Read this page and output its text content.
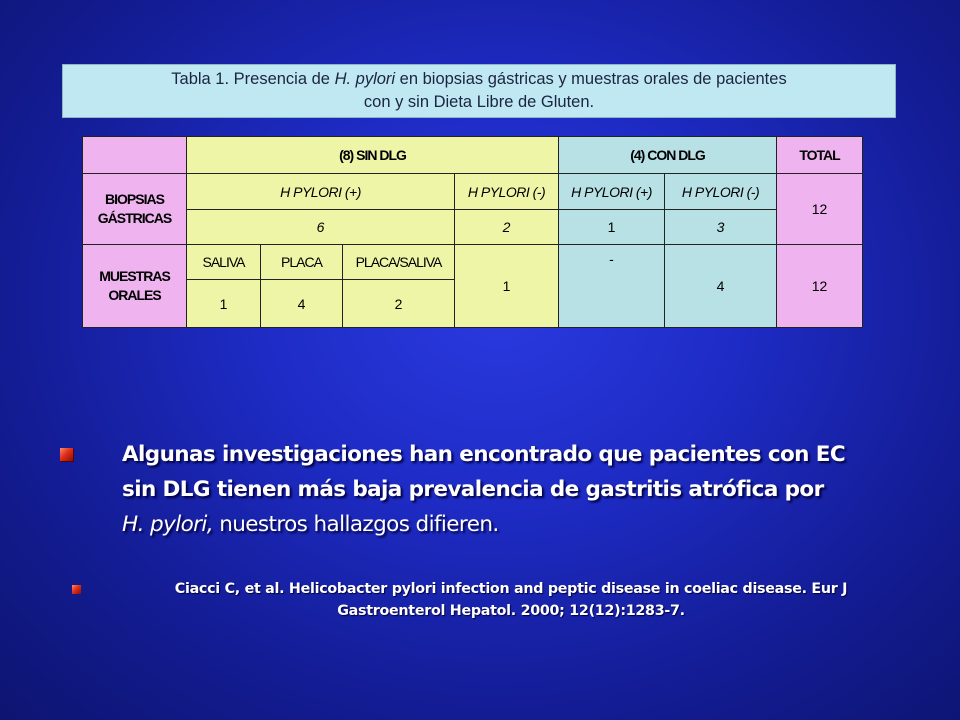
Tabla 1. Presencia de H. pylori en biopsias gástricas y muestras orales de pacientes
con y sin Dieta Libre de Gluten.
	(8) SIN DLG				(4) CON DLG		TOTAL
BIOPSIAS
GÁSTRICAS	H PYLORI (+)			H PYLORI (-)	H PYLORI (+)	H PYLORI (-)	12
	6			2	1	3	
MUESTRAS
ORALES	SALIVA	PLACA	PLACA/SALIVA	1	-	4	12
	1	4	2				
Algunas investigaciones han encontrado que pacientes con EC
sin DLG tienen más baja prevalencia de gastritis atrófica por
H. pylori, nuestros hallazgos difieren.
Ciacci C, et al. Helicobacter pylori infection and peptic disease in coeliac disease. Eur J
Gastroenterol Hepatol. 2000; 12(12):1283-7.
